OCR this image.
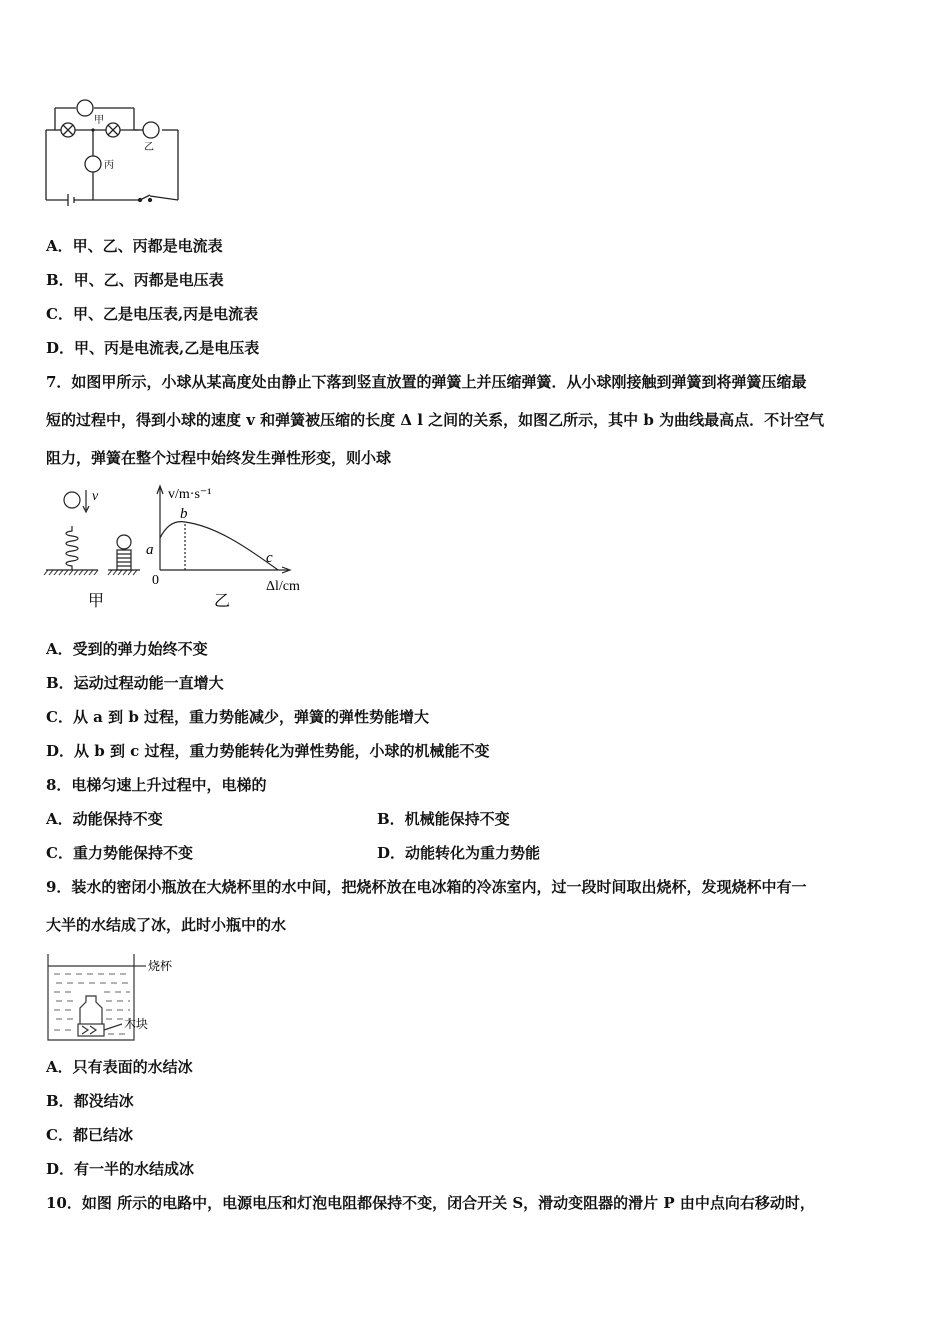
甲
乙
丙
A．甲、乙、丙都是电流表
B．甲、乙、丙都是电压表
C．甲、乙是电压表,丙是电流表
D．甲、丙是电流表,乙是电压表
7．如图甲所示，小球从某高度处由静止下落到竖直放置的弹簧上并压缩弹簧．从小球刚接触到弹簧到将弹簧压缩最
短的过程中，得到小球的速度 v 和弹簧被压缩的长度 Δ l 之间的关系，如图乙所示，其中 b 为曲线最高点．不计空气
阻力，弹簧在整个过程中始终发生弹性形变，则小球
v	v/m·s⁻¹
Δl/cm
a
b
c
0
甲	乙
A．受到的弹力始终不变
B．运动过程动能一直增大
C．从 a 到 b 过程，重力势能减少，弹簧的弹性势能增大
D．从 b 到 c 过程，重力势能转化为弹性势能，小球的机械能不变
8．电梯匀速上升过程中，电梯的
A．动能保持不变	B．机械能保持不变
C．重力势能保持不变	D．动能转化为重力势能
9．装水的密闭小瓶放在大烧杯里的水中间，把烧杯放在电冰箱的冷冻室内，过一段时间取出烧杯，发现烧杯中有一
大半的水结成了冰，此时小瓶中的水
烧杯
木块
A．只有表面的水结冰
B．都没结冰
C．都已结冰
D．有一半的水结成冰
10．如图 所示的电路中，电源电压和灯泡电阻都保持不变，闭合开关 S，滑动变阻器的滑片 P 由中点向右移动时，
